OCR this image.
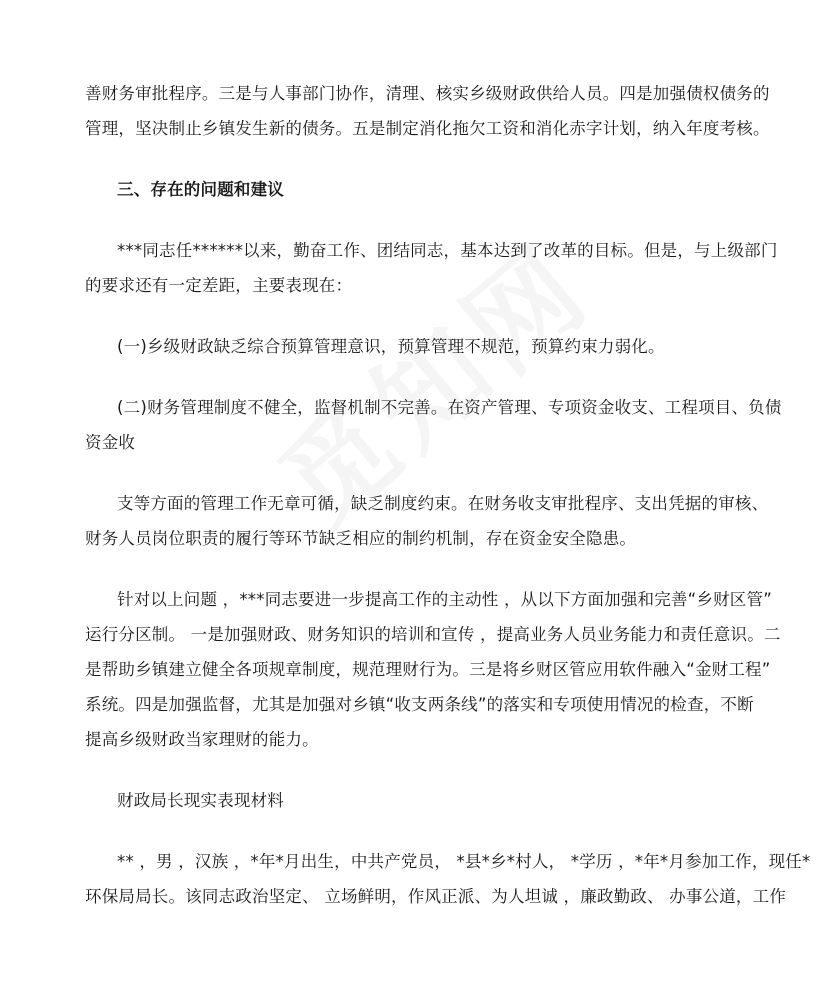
善财务审批程序。三是与人事部门协作，清理、核实乡级财政供给人员。四是加强债权债务的
管理，坚决制止乡镇发生新的债务。五是制定消化拖欠工资和消化赤字计划，纳入年度考核。
三、存在的问题和建议
***同志任******以来，勤奋工作、团结同志，基本达到了改革的目标。但是，与上级部门
的要求还有一定差距，主要表现在：
(一)乡级财政缺乏综合预算管理意识，预算管理不规范，预算约束力弱化。
(二)财务管理制度不健全，监督机制不完善。在资产管理、专项资金收支、工程项目、负债
资金收
支等方面的管理工作无章可循，缺乏制度约束。在财务收支审批程序、支出凭据的审核、
财务人员岗位职责的履行等环节缺乏相应的制约机制，存在资金安全隐患。
针对以上问题 ，***同志要进一步提高工作的主动性 ，从以下方面加强和完善“乡财区管”
运行分区制。 一是加强财政、财务知识的培训和宣传 ，提高业务人员业务能力和责任意识。二
是帮助乡镇建立健全各项规章制度，规范理财行为。三是将乡财区管应用软件融入“金财工程”
系统。四是加强监督，尤其是加强对乡镇“收支两条线”的落实和专项使用情况的检查，不断
提高乡级财政当家理财的能力。
财政局长现实表现材料
** ，男 ，汉族 ，*年*月出生，中共产党员， *县*乡*村人， *学历 ，*年*月参加工作，现任*
环保局局长。该同志政治坚定、 立场鲜明，作风正派、为人坦诚 ，廉政勤政、 办事公道，工作
